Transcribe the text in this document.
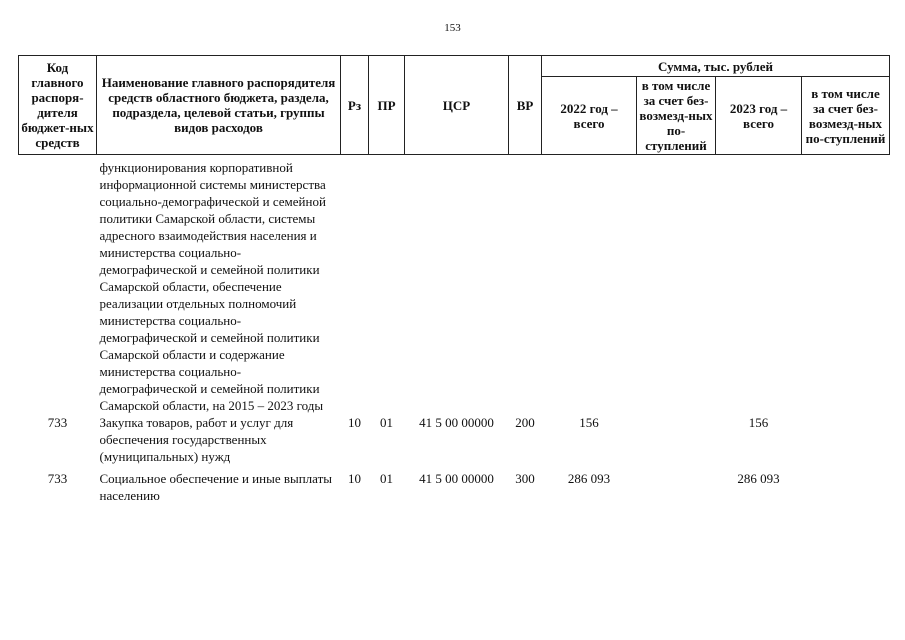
153
Код главного распоря-дителя бюджет-ных средств	Наименование главного распорядителя средств областного бюджета, раздела, подраздела, целевой статьи, группы видов расходов	Рз	ПР	ЦСР	ВР	Сумма, тыс. рублей			
						2022 год – всего	в том числе за счет без-возмезд-ных по-ступлений	2023 год – всего	в том числе за счет без-возмезд-ных по-ступлений
	функционирования корпоративной информационной системы министерства социально-демографической и семейной политики Самарской области, системы адресного взаимодействия населения и министерства социально-демографической и семейной политики Самарской области, обеспечение реализации отдельных полномочий министерства социально-демографической и семейной политики Самарской области и содержание министерства социально-демографической и семейной политики Самарской области, на 2015 – 2023 годы								
733	Закупка товаров, работ и услуг для обеспечения государственных (муниципальных) нужд	10	01	41 5 00 00000	200	156		156	
733	Социальное обеспечение и иные выплаты населению	10	01	41 5 00 00000	300	286 093		286 093	
